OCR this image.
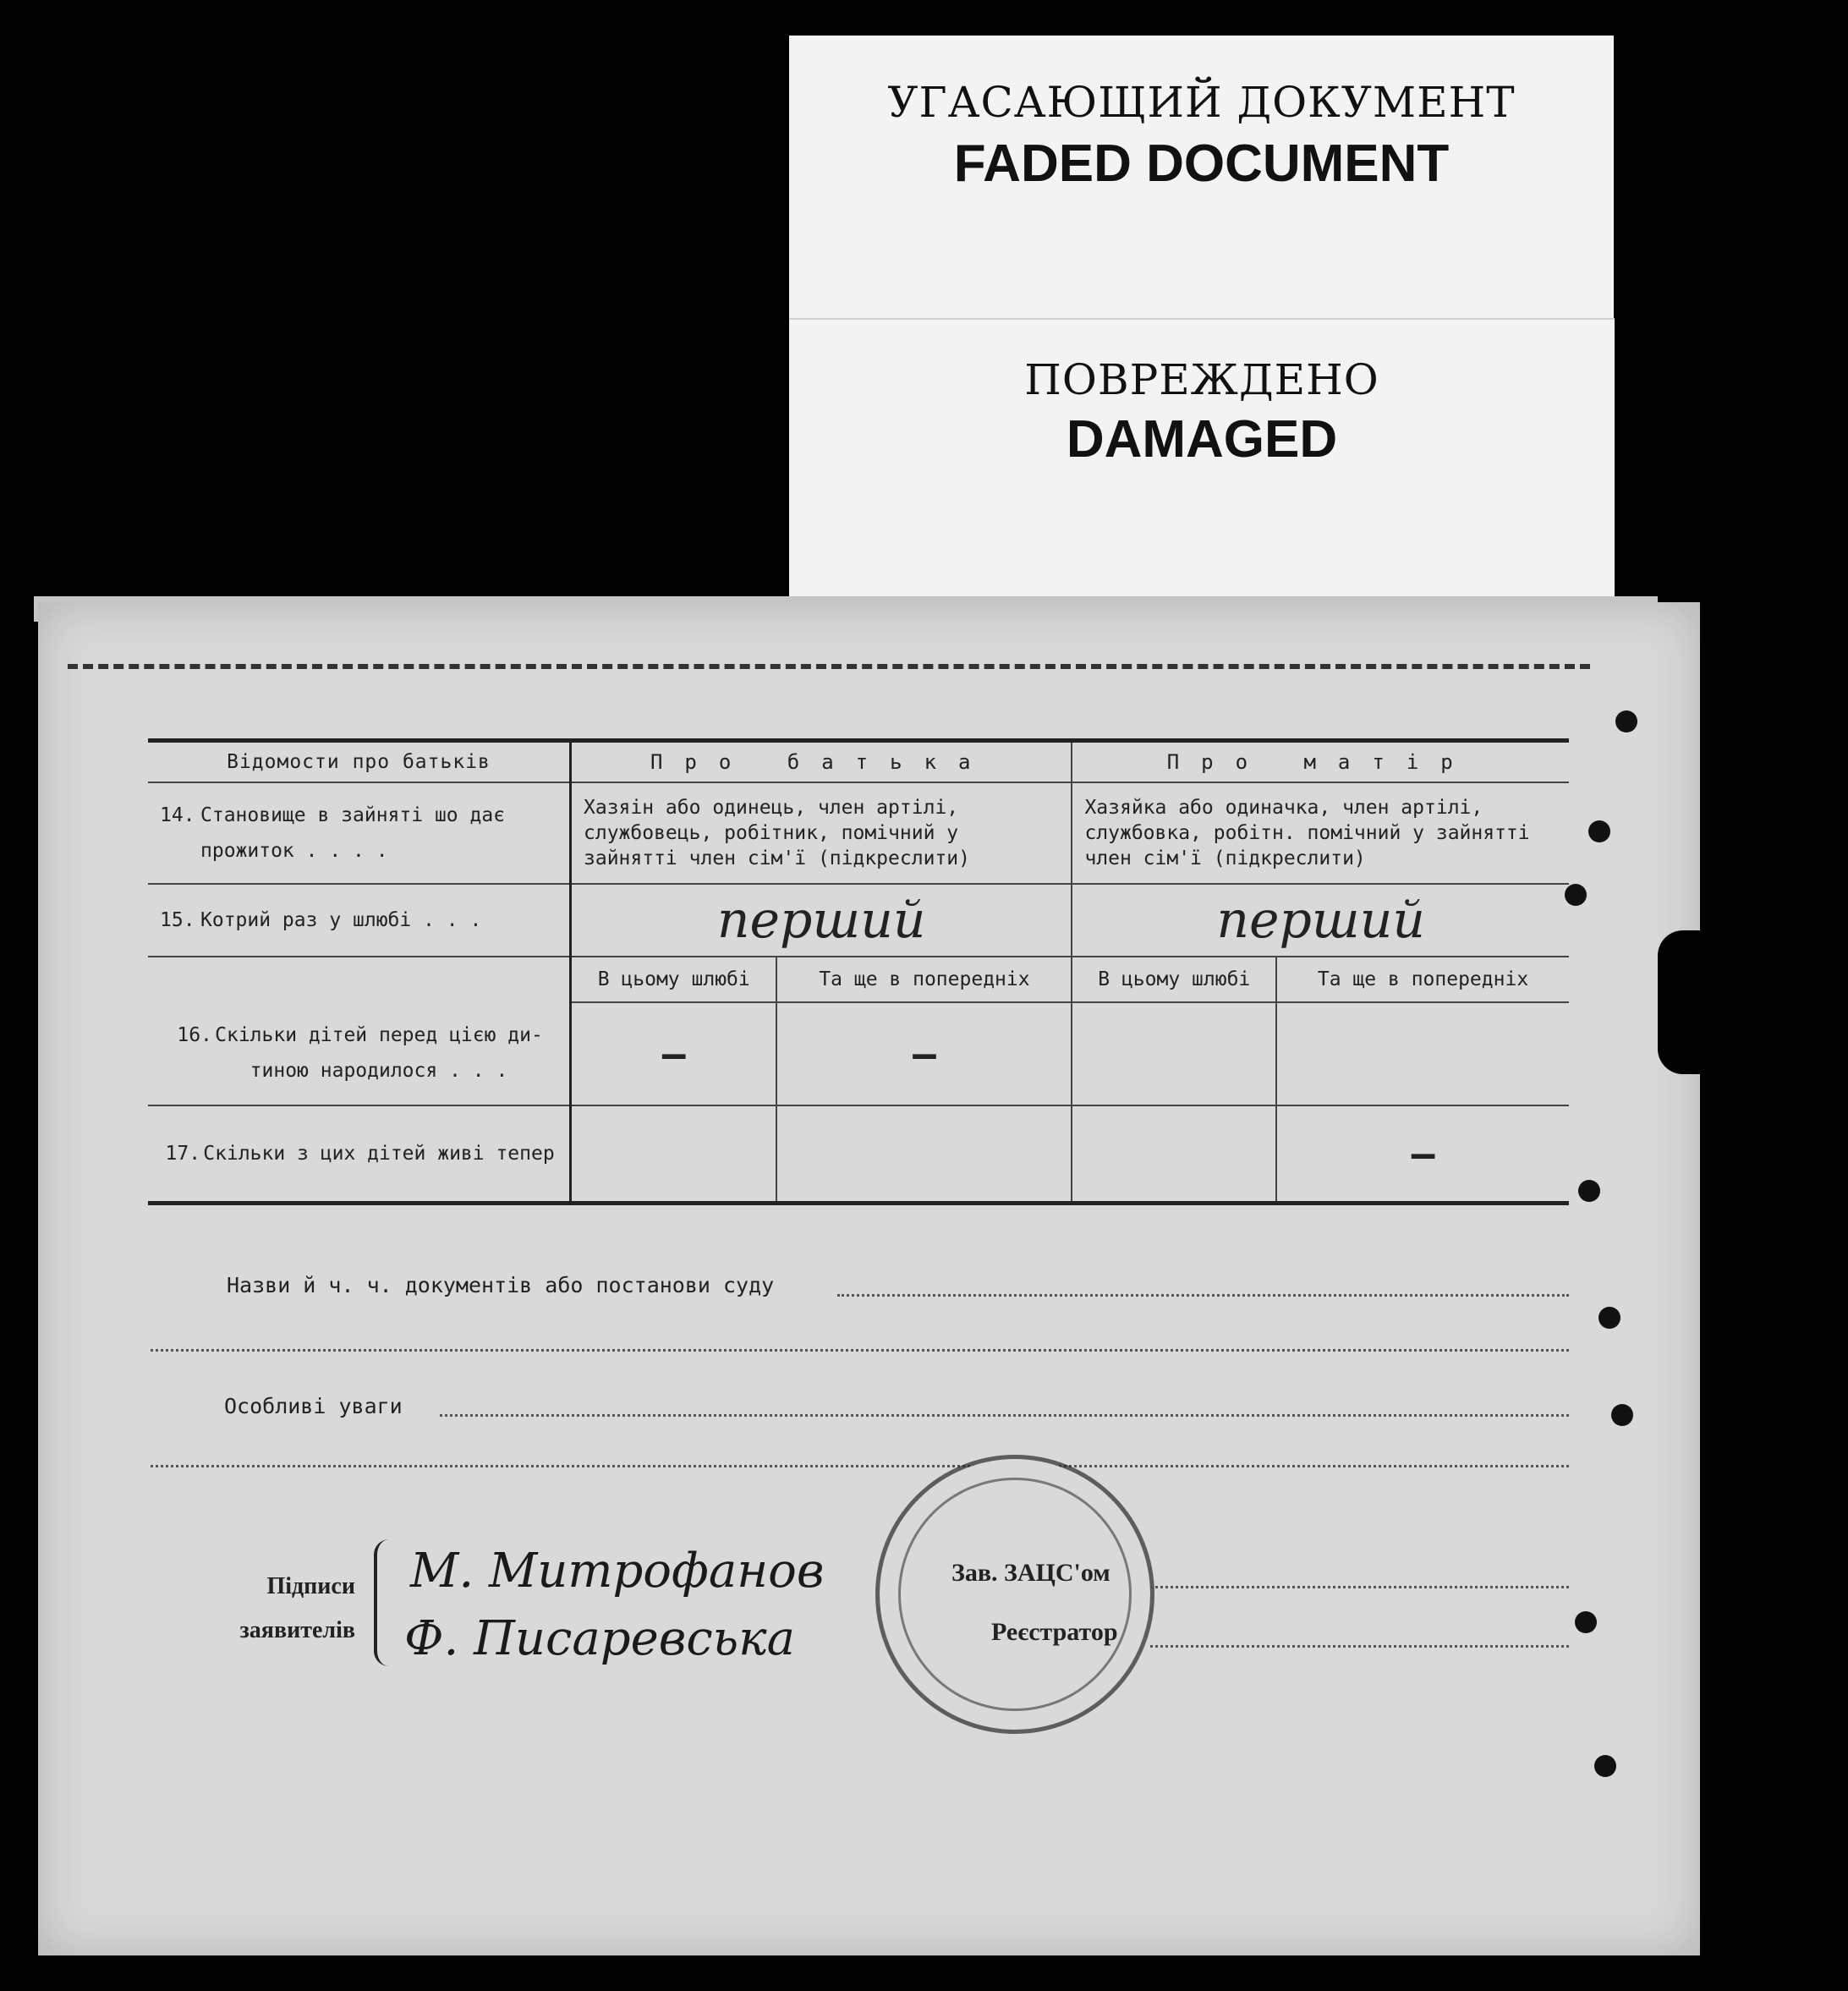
УГАСАЮЩИЙ ДОКУМЕНТ
FADED DOCUMENT
ПОВРЕЖДЕНО
DAMAGED
Відомости про батьків	Про батька		Про матір	
14. Становище в зайняті шо дає
прожиток . . . .	Хазяін або одинець, член артілі, службовець, робітник, помічний у зайнятті член сім'ї (підкреслити)		Хазяйка або одиначка, член артілі, службовка, робітн. помічний у зайнятті член сім'ї (підкреслити)	
15. Котрий раз у шлюбі . . .	перший		перший	

16. Скільки дітей перед цією ди-
тиною народилося . . .	В цьому шлюбі	Та ще в попередніх	В цьому шлюбі	Та ще в попередніх
	–	–		
17. Скільки з цих дітей живі тепер				—
Назви й ч. ч. документів або постанови суду
Особливі уваги
Підписи
заявителів
М. Митрофанов
Ф. Писаревська
Зав. ЗАЦС'ом
Реєстратор
